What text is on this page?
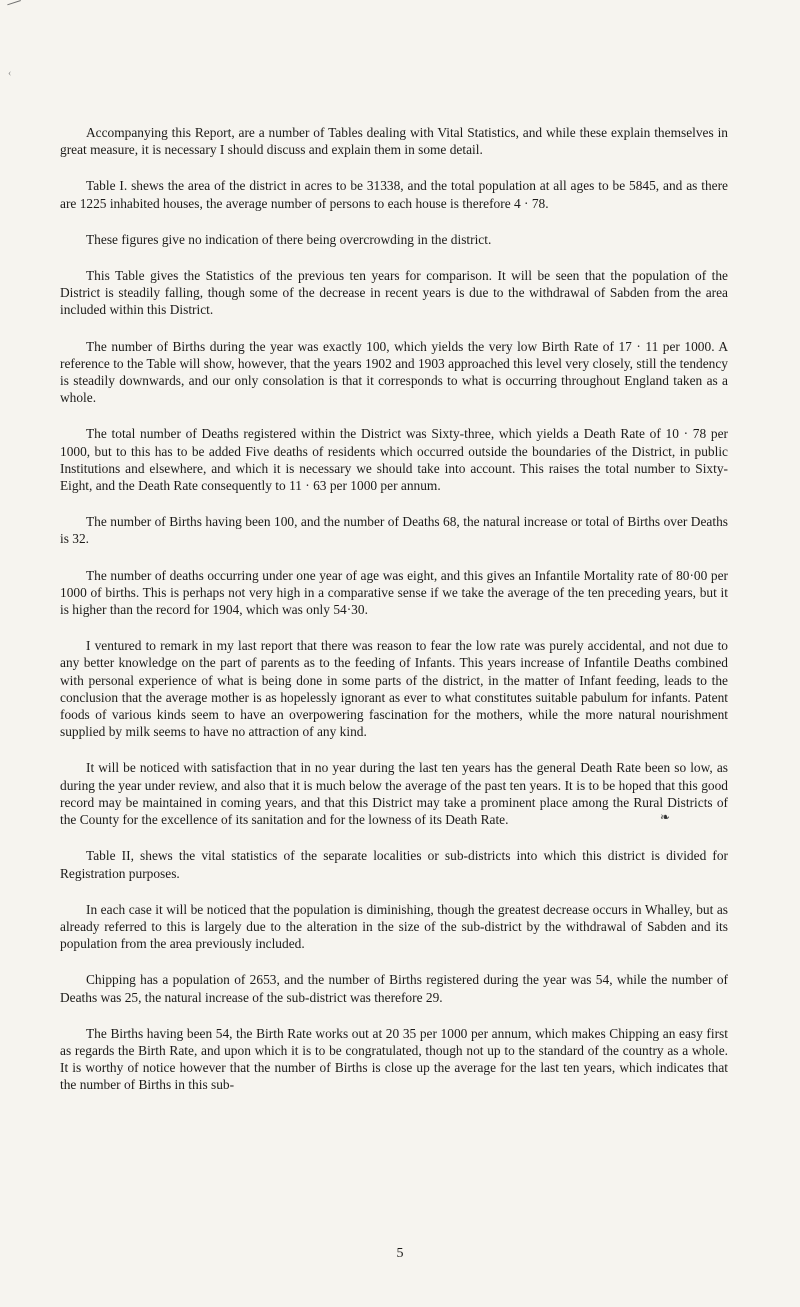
‹

Accompanying this Report, are a number of Tables dealing with Vital Statistics, and while these explain themselves in great measure, it is necessary I should discuss and explain them in some detail.

Table I. shews the area of the district in acres to be 31338, and the total population at all ages to be 5845, and as there are 1225 inhabited houses, the average number of persons to each house is therefore 4 · 78.

These figures give no indication of there being overcrowding in the district.

This Table gives the Statistics of the previous ten years for comparison. It will be seen that the population of the District is steadily falling, though some of the decrease in recent years is due to the withdrawal of Sabden from the area included within this District.

The number of Births during the year was exactly 100, which yields the very low Birth Rate of 17 · 11 per 1000. A reference to the Table will show, however, that the years 1902 and 1903 approached this level very closely, still the tendency is steadily downwards, and our only consolation is that it corresponds to what is occurring throughout England taken as a whole.

The total number of Deaths registered within the District was Sixty-three, which yields a Death Rate of 10 · 78 per 1000, but to this has to be added Five deaths of residents which occurred outside the boundaries of the District, in public Institutions and elsewhere, and which it is necessary we should take into account. This raises the total number to Sixty-Eight, and the Death Rate consequently to 11 · 63 per 1000 per annum.

The number of Births having been 100, and the number of Deaths 68, the natural increase or total of Births over Deaths is 32.

The number of deaths occurring under one year of age was eight, and this gives an Infantile Mortality rate of 80·00 per 1000 of births. This is perhaps not very high in a comparative sense if we take the average of the ten preceding years, but it is higher than the record for 1904, which was only 54·30.

I ventured to remark in my last report that there was reason to fear the low rate was purely accidental, and not due to any better knowledge on the part of parents as to the feeding of Infants. This years increase of Infantile Deaths combined with personal experience of what is being done in some parts of the district, in the matter of Infant feeding, leads to the conclusion that the average mother is as hopelessly ignorant as ever to what constitutes suitable pabulum for infants. Patent foods of various kinds seem to have an overpowering fascination for the mothers, while the more natural nourishment supplied by milk seems to have no attraction of any kind.

It will be noticed with satisfaction that in no year during the last ten years has the general Death Rate been so low, as during the year under review, and also that it is much below the average of the past ten years. It is to be hoped that this good record may be maintained in coming years, and that this District may take a prominent place among the Rural Districts of the County for the excellence of its sanitation and for the lowness of its Death Rate.

Table II, shews the vital statistics of the separate localities or sub-districts into which this district is divided for Registration purposes.

In each case it will be noticed that the population is diminishing, though the greatest decrease occurs in Whalley, but as already referred to this is largely due to the alteration in the size of the sub-district by the withdrawal of Sabden and its population from the area previously included.

Chipping has a population of 2653, and the number of Births registered during the year was 54, while the number of Deaths was 25, the natural increase of the sub-district was therefore 29.

The Births having been 54, the Birth Rate works out at 20 35 per 1000 per annum, which makes Chipping an easy first as regards the Birth Rate, and upon which it is to be congratulated, though not up to the standard of the country as a whole. It is worthy of notice however that the number of Births is close up the average for the last ten years, which indicates that the number of Births in this sub-

❧
5
